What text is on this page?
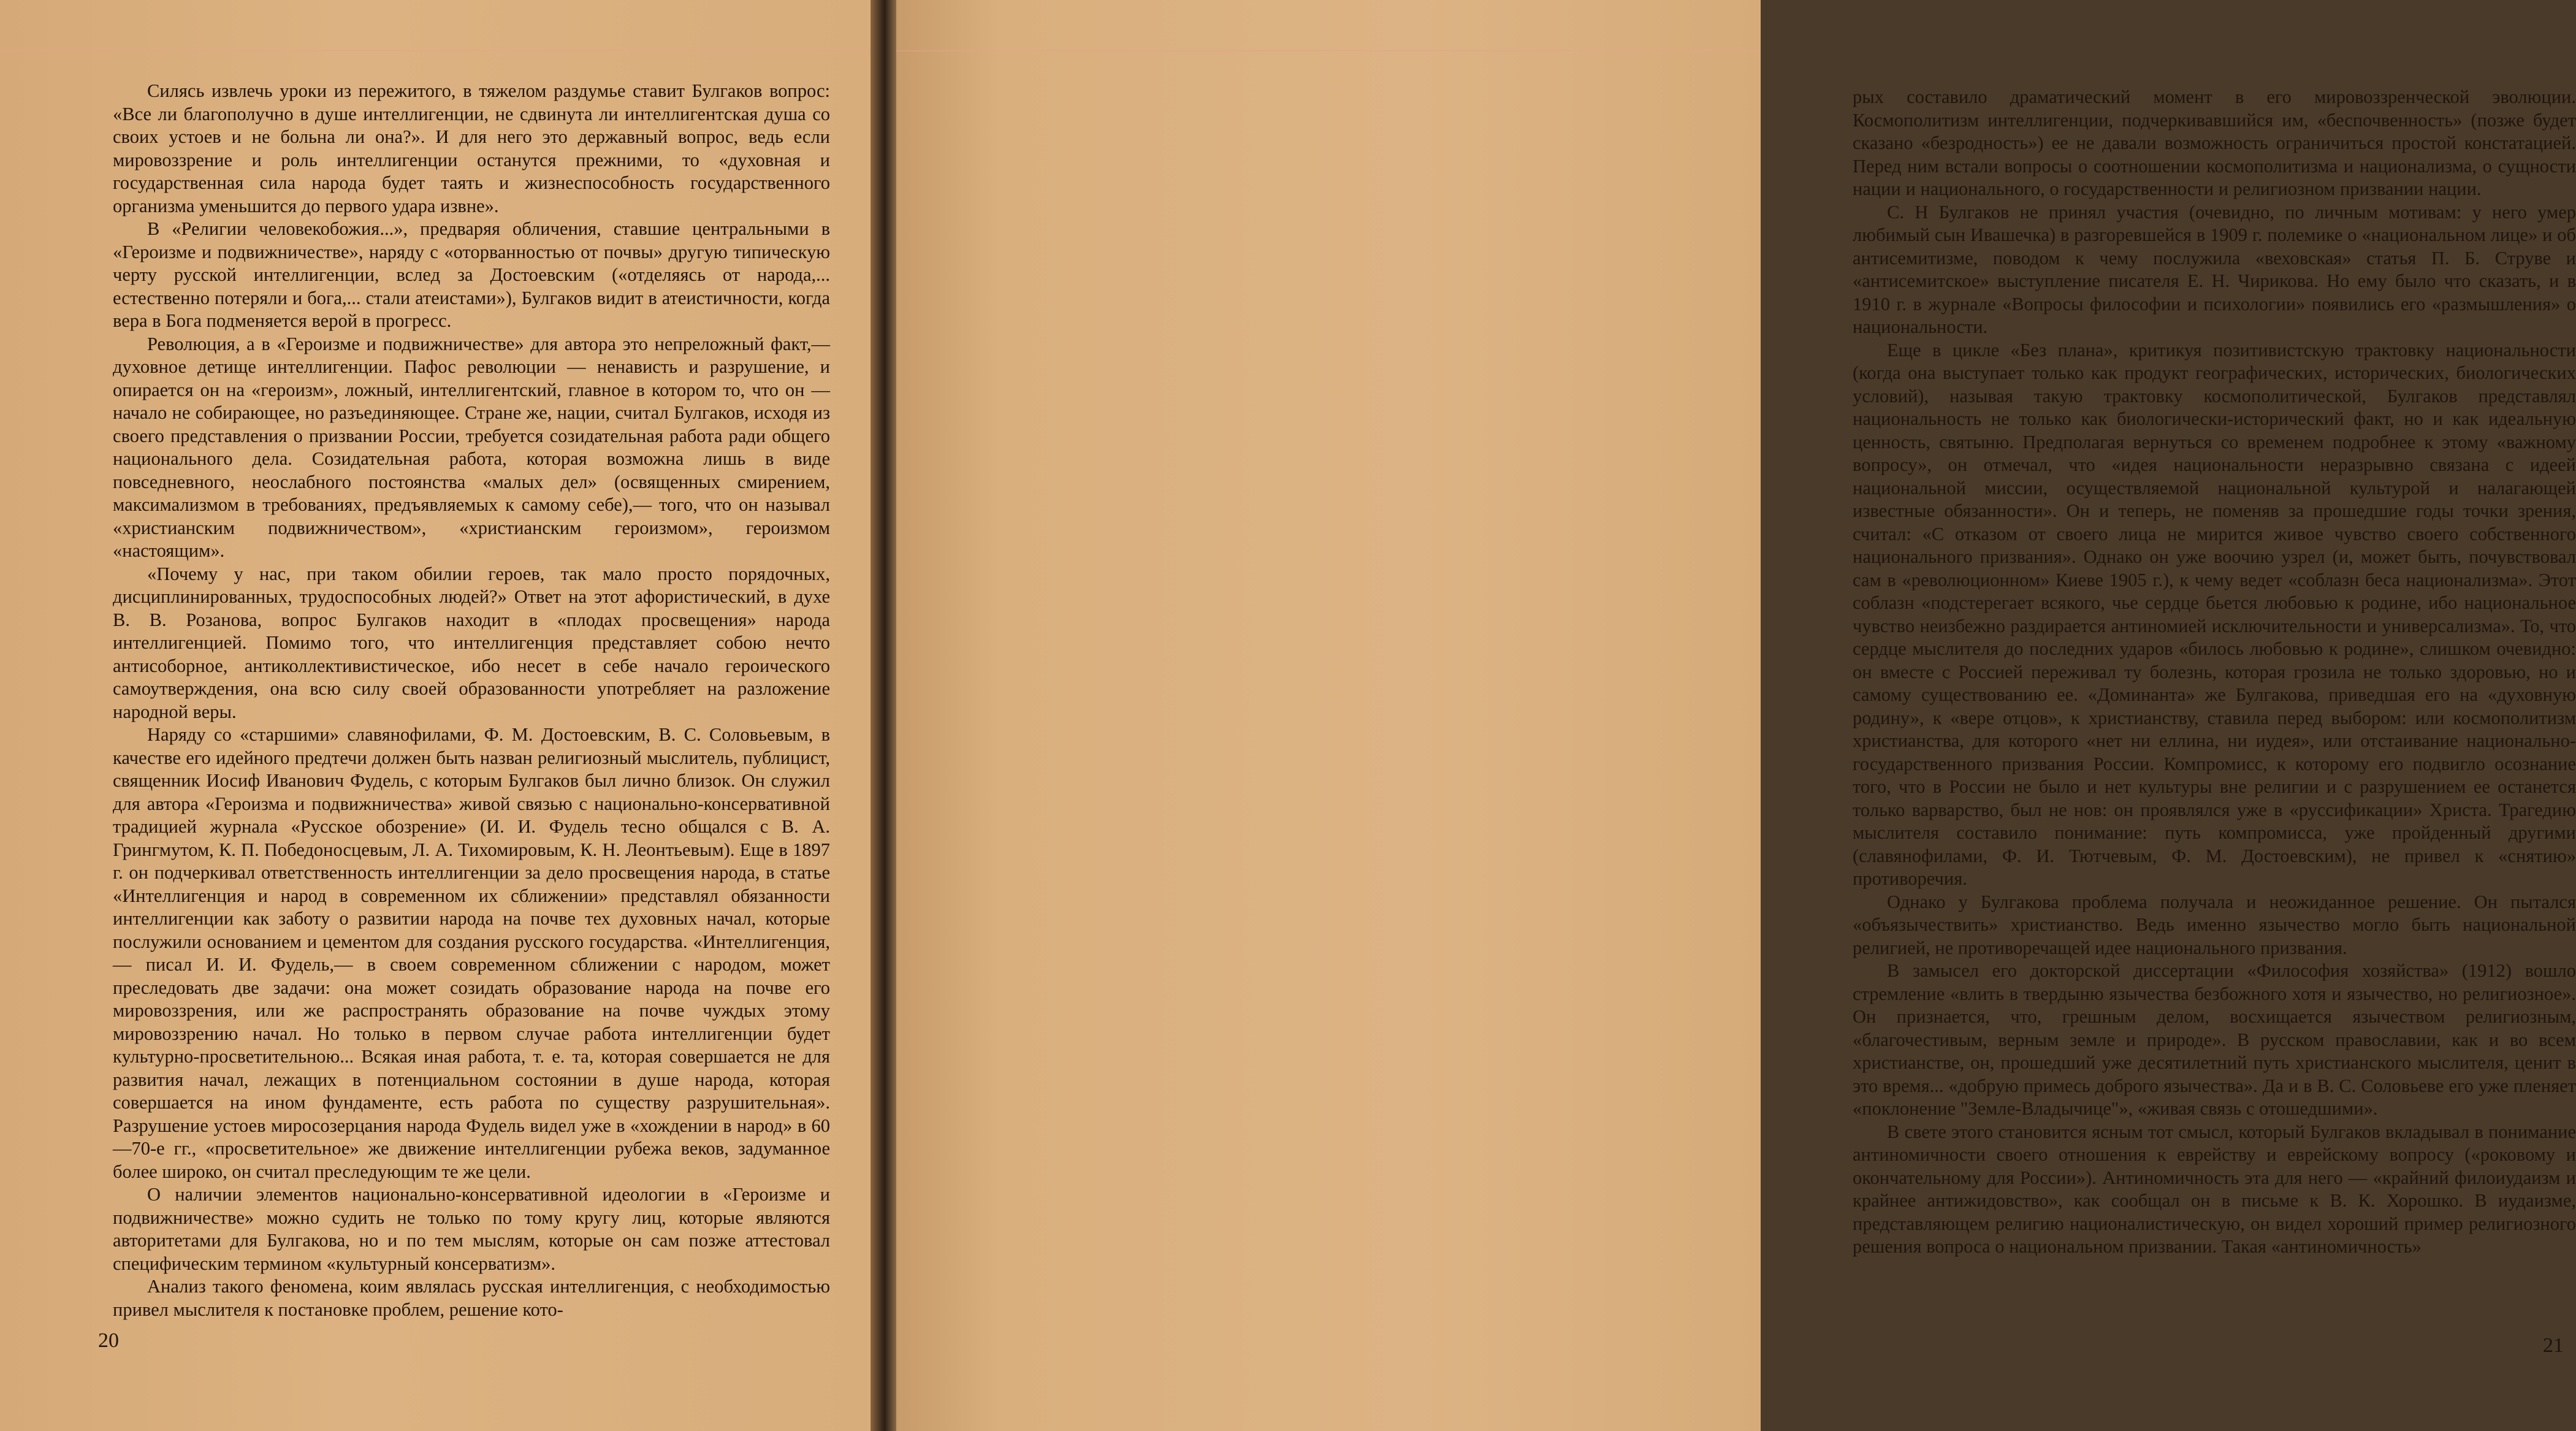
Силясь извлечь уроки из пережитого, в тяжелом раздумье ставит Булгаков вопрос: «Все ли благополучно в душе интеллигенции, не сдвинута ли интеллигентская душа со своих устоев и не больна ли она?». И для него это державный вопрос, ведь если мировоззрение и роль интеллигенции останутся прежними, то «духовная и государственная сила народа будет таять и жизнеспособность государственного организма уменьшится до первого удара извне».

В «Религии человекобожия...», предваряя обличения, ставшие центральными в «Героизме и подвижничестве», наряду с «оторванностью от почвы» другую типическую черту русской интеллигенции, вслед за Достоевским («отделяясь от народа,... естественно потеряли и бога,... стали атеистами»), Булгаков видит в атеистичности, когда вера в Бога подменяется верой в прогресс.

Революция, а в «Героизме и подвижничестве» для автора это непреложный факт,— духовное детище интеллигенции. Пафос революции — ненависть и разрушение, и опирается он на «героизм», ложный, интеллигентский, главное в котором то, что он — начало не собирающее, но разъединяющее. Стране же, нации, считал Булгаков, исходя из своего представления о призвании России, требуется созидательная работа ради общего национального дела. Созидательная работа, которая возможна лишь в виде повседневного, неослабного постоянства «малых дел» (освященных смирением, максимализмом в требованиях, предъявляемых к самому себе),— того, что он называл «христианским подвижничеством», «христианским героизмом», героизмом «настоящим».

«Почему у нас, при таком обилии героев, так мало просто порядочных, дисциплинированных, трудоспособных людей?» Ответ на этот афористический, в духе В. В. Розанова, вопрос Булгаков находит в «плодах просвещения» народа интеллигенцией. Помимо того, что интеллигенция представляет собою нечто антисоборное, антиколлективистическое, ибо несет в себе начало героического самоутверждения, она всю силу своей образованности употребляет на разложение народной веры.

Наряду со «старшими» славянофилами, Ф. М. Достоевским, В. С. Соловьевым, в качестве его идейного предтечи должен быть назван религиозный мыслитель, публицист, священник Иосиф Иванович Фудель, с которым Булгаков был лично близок. Он служил для автора «Героизма и подвижничества» живой связью с национально-консервативной традицией журнала «Русское обозрение» (И. И. Фудель тесно общался с В. А. Грингмутом, К. П. Победоносцевым, Л. А. Тихомировым, К. Н. Леонтьевым). Еще в 1897 г. он подчеркивал ответственность интеллигенции за дело просвещения народа, в статье «Интеллигенция и народ в современном их сближении» представлял обязанности интеллигенции как заботу о развитии народа на почве тех духовных начал, которые послужили основанием и цементом для создания русского государства. «Интеллигенция,— писал И. И. Фудель,— в своем современном сближении с народом, может преследовать две задачи: она может созидать образование народа на почве его мировоззрения, или же распространять образование на почве чуждых этому мировоззрению начал. Но только в первом случае работа интеллигенции будет культурно-просветительною... Всякая иная работа, т. е. та, которая совершается не для развития начал, лежащих в потенциальном состоянии в душе народа, которая совершается на ином фундаменте, есть работа по существу разрушительная». Разрушение устоев миросозерцания народа Фудель видел уже в «хождении в народ» в 60—70-е гг., «просветительное» же движение интеллигенции рубежа веков, задуманное более широко, он считал преследующим те же цели.

О наличии элементов национально-консервативной идеологии в «Героизме и подвижничестве» можно судить не только по тому кругу лиц, которые являются авторитетами для Булгакова, но и по тем мыслям, которые он сам позже аттестовал специфическим термином «культурный консерватизм».

Анализ такого феномена, коим являлась русская интеллигенция, с необходимостью привел мыслителя к постановке проблем, решение кото-

20

рых составило драматический момент в его мировоззренческой эволюции. Космополитизм интеллигенции, подчеркивавшийся им, «беспочвенность» (позже будет сказано «безродность») ее не давали возможность ограничиться простой констатацией. Перед ним встали вопросы о соотношении космополитизма и национализма, о сущности нации и национального, о государственности и религиозном призвании нации.

С. Н Булгаков не принял участия (очевидно, по личным мотивам: у него умер любимый сын Ивашечка) в разгоревшейся в 1909 г. полемике о «национальном лице» и об антисемитизме, поводом к чему послужила «веховская» статья П. Б. Струве и «антисемитское» выступление писателя Е. Н. Чирикова. Но ему было что сказать, и в 1910 г. в журнале «Вопросы философии и психологии» появились его «размышления» о национальности.

Еще в цикле «Без плана», критикуя позитивистскую трактовку национальности (когда она выступает только как продукт географических, исторических, биологических условий), называя такую трактовку космополитической, Булгаков представлял национальность не только как биологически-исторический факт, но и как идеальную ценность, святыню. Предполагая вернуться со временем подробнее к этому «важному вопросу», он отмечал, что «идея национальности неразрывно связана с идеей национальной миссии, осуществляемой национальной культурой и налагающей известные обязанности». Он и теперь, не поменяв за прошедшие годы точки зрения, считал: «С отказом от своего лица не мирится живое чувство своего собственного национального призвания». Однако он уже воочию узрел (и, может быть, почувствовал сам в «революционном» Киеве 1905 г.), к чему ведет «соблазн беса национализма». Этот соблазн «подстерегает всякого, чье сердце бьется любовью к родине, ибо национальное чувство неизбежно раздирается антиномией исключительности и универсализма». То, что сердце мыслителя до последних ударов «билось любовью к родине», слишком очевидно: он вместе с Россией переживал ту болезнь, которая грозила не только здоровью, но и самому существованию ее. «Доминанта» же Булгакова, приведшая его на «духовную родину», к «вере отцов», к христианству, ставила перед выбором: или космополитизм христианства, для которого «нет ни еллина, ни иудея», или отстаивание национально-государственного призвания России. Компромисс, к которому его подвигло осознание того, что в России не было и нет культуры вне религии и с разрушением ее останется только варварство, был не нов: он проявлялся уже в «руссификации» Христа. Трагедию мыслителя составило понимание: путь компромисса, уже пройденный другими (славянофилами, Ф. И. Тютчевым, Ф. М. Достоевским), не привел к «снятию» противоречия.

Однако у Булгакова проблема получала и неожиданное решение. Он пытался «объязычествить» христианство. Ведь именно язычество могло быть национальной религией, не противоречащей идее национального призвания.

В замысел его докторской диссертации «Философия хозяйства» (1912) вошло стремление «влить в твердыню язычества безбожного хотя и язычество, но религиозное». Он признается, что, грешным делом, восхищается язычеством религиозным, «благочестивым, верным земле и природе». В русском православии, как и во всем христианстве, он, прошедший уже десятилетний путь христианского мыслителя, ценит в это время... «добрую примесь доброго язычества». Да и в В. С. Соловьеве его уже пленяет «поклонение "Земле-Владычице"», «живая связь с отошедшими».

В свете этого становится ясным тот смысл, который Булгаков вкладывал в понимание антиномичности своего отношения к еврейству и еврейскому вопросу («роковому и окончательному для России»). Антиномичность эта для него — «крайний филоиудаизм и крайнее антижидовство», как сообщал он в письме к В. К. Хорошко. В иудаизме, представляющем религию националистическую, он видел хороший пример религиозного решения вопроса о национальном призвании. Такая «антиномичность»

21
